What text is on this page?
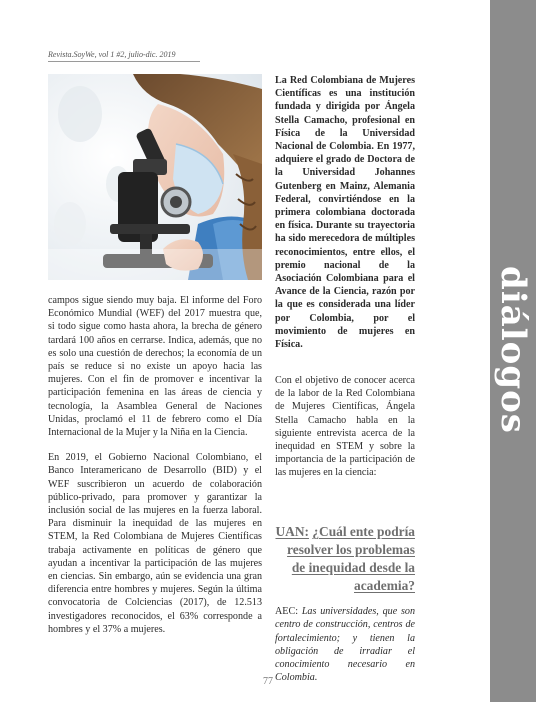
Revista.SoyWe, vol 1 #2, julio-dic. 2019

campos sigue siendo muy baja. El informe del Foro Económico Mundial (WEF) del 2017 muestra que, si todo sigue como hasta ahora, la brecha de género tardará 100 años en cerrarse. Indica, además, que no es solo una cuestión de derechos; la economía de un país se reduce si no existe un apoyo hacia las mujeres. Con el fin de promover e incentivar la participación femenina en las áreas de ciencia y tecnología, la Asamblea General de Naciones Unidas, proclamó el 11 de febrero como el Día Internacional de la Mujer y la Niña en la Ciencia.

En 2019, el Gobierno Nacional Colombiano, el Banco Interamericano de Desarrollo (BID) y el WEF suscribieron un acuerdo de colaboración público-privado, para promover y garantizar la inclusión social de las mujeres en la fuerza laboral. Para disminuir la inequidad de las mujeres en STEM, la Red Colombiana de Mujeres Científicas trabaja activamente en políticas de género que ayudan a incentivar la participación de las mujeres en ciencias. Sin embargo, aún se evidencia una gran diferencia entre hombres y mujeres. Según la última convocatoria de Colciencias (2017), de 12.513 investigadores reconocidos, el 63% corresponde a hombres y el 37% a mujeres.

La Red Colombiana de Mujeres Científicas es una institución fundada y dirigida por Ángela Stella Camacho, profesional en Física de la Universidad Nacional de Colombia. En 1977, adquiere el grado de Doctora de la Universidad Johannes Gutenberg en Mainz, Alemania Federal, convirtiéndose en la primera colombiana doctorada en física. Durante su trayectoria ha sido merecedora de múltiples reconocimientos, entre ellos, el premio nacional de la Asociación Colombiana para el Avance de la Ciencia, razón por la que es considerada una líder por Colombia, por el movimiento de mujeres en Física.

Con el objetivo de conocer acerca de la labor de la Red Colombiana de Mujeres Científicas, Ángela Stella Camacho habla en la siguiente entrevista acerca de la inequidad en STEM y sobre la importancia de la participación de las mujeres en la ciencia:

UAN: ¿Cuál ente podría resolver los problemas de inequidad desde la academia?
AEC: Las universidades, que son centro de construcción, centros de fortalecimiento; y tienen la obligación de irradiar el conocimiento necesario en Colombia.
77
diálogos
